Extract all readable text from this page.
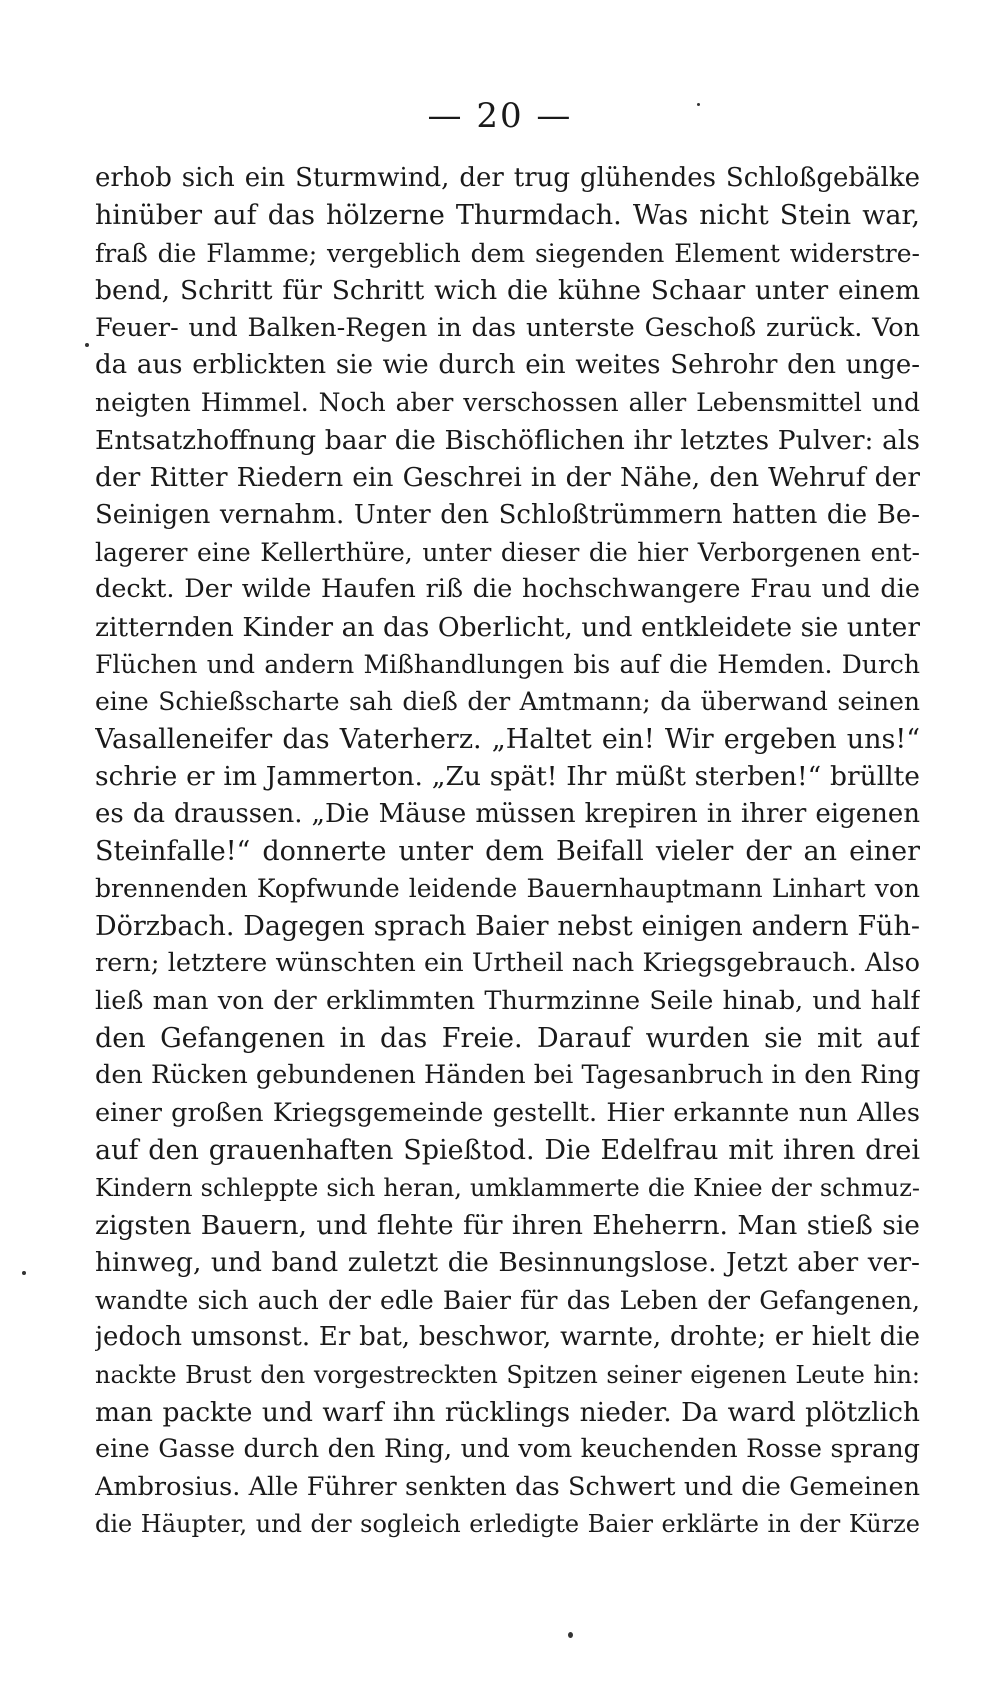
— 20 —
erhob sich ein Sturmwind, der trug glühendes Schloßgebälke
hinüber auf das hölzerne Thurmdach. Was nicht Stein war,
fraß die Flamme; vergeblich dem siegenden Element widerstre-
bend, Schritt für Schritt wich die kühne Schaar unter einem
Feuer- und Balken-Regen in das unterste Geschoß zurück. Von
da aus erblickten sie wie durch ein weites Sehrohr den unge-
neigten Himmel. Noch aber verschossen aller Lebensmittel und
Entsatzhoffnung baar die Bischöflichen ihr letztes Pulver: als
der Ritter Riedern ein Geschrei in der Nähe, den Wehruf der
Seinigen vernahm. Unter den Schloßtrümmern hatten die Be-
lagerer eine Kellerthüre, unter dieser die hier Verborgenen ent-
deckt. Der wilde Haufen riß die hochschwangere Frau und die
zitternden Kinder an das Oberlicht, und entkleidete sie unter
Flüchen und andern Mißhandlungen bis auf die Hemden. Durch
eine Schießscharte sah dieß der Amtmann; da überwand seinen
Vasalleneifer das Vaterherz. „Haltet ein! Wir ergeben uns!“
schrie er im Jammerton. „Zu spät! Ihr müßt sterben!“ brüllte
es da draussen. „Die Mäuse müssen krepiren in ihrer eigenen
Steinfalle!“ donnerte unter dem Beifall vieler der an einer
brennenden Kopfwunde leidende Bauernhauptmann Linhart von
Dörzbach. Dagegen sprach Baier nebst einigen andern Füh-
rern; letztere wünschten ein Urtheil nach Kriegsgebrauch. Also
ließ man von der erklimmten Thurmzinne Seile hinab, und half
den Gefangenen in das Freie. Darauf wurden sie mit auf
den Rücken gebundenen Händen bei Tagesanbruch in den Ring
einer großen Kriegsgemeinde gestellt. Hier erkannte nun Alles
auf den grauenhaften Spießtod. Die Edelfrau mit ihren drei
Kindern schleppte sich heran, umklammerte die Kniee der schmuz-
zigsten Bauern, und flehte für ihren Eheherrn. Man stieß sie
hinweg, und band zuletzt die Besinnungslose. Jetzt aber ver-
wandte sich auch der edle Baier für das Leben der Gefangenen,
jedoch umsonst. Er bat, beschwor, warnte, drohte; er hielt die
nackte Brust den vorgestreckten Spitzen seiner eigenen Leute hin:
man packte und warf ihn rücklings nieder. Da ward plötzlich
eine Gasse durch den Ring, und vom keuchenden Rosse sprang
Ambrosius. Alle Führer senkten das Schwert und die Gemeinen
die Häupter, und der sogleich erledigte Baier erklärte in der Kürze
